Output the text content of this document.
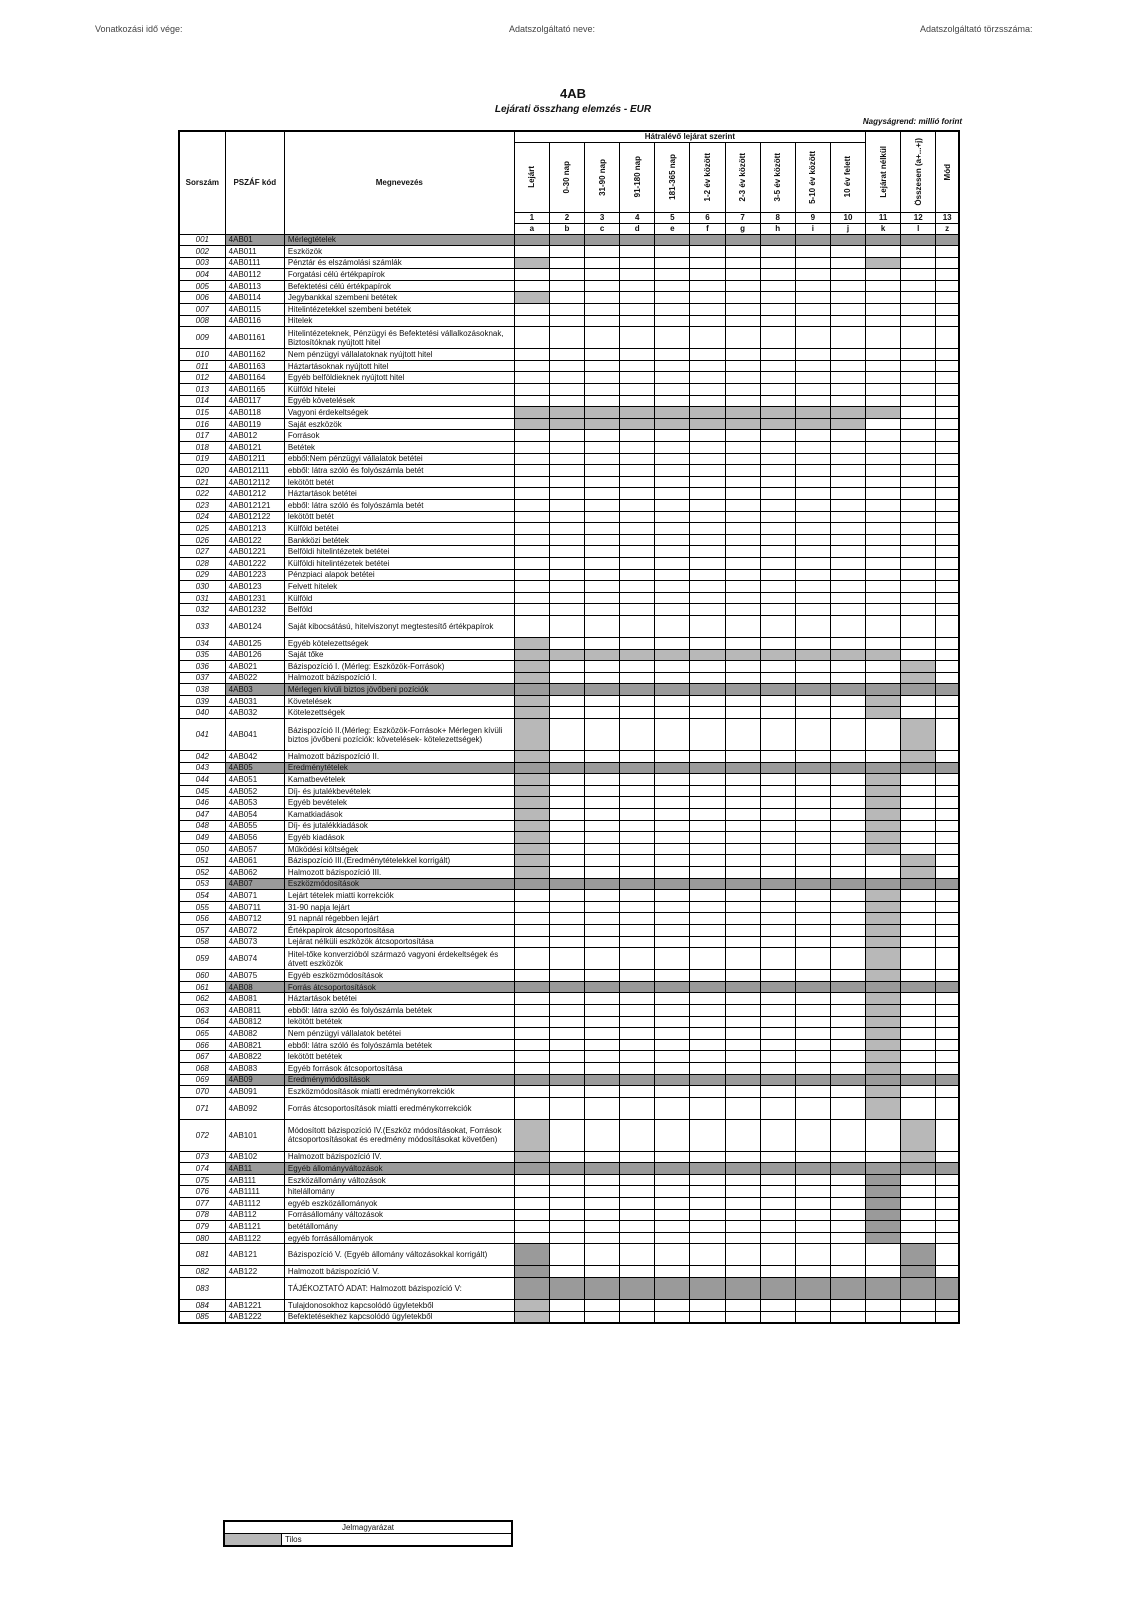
Vonatkozási idő vége:	Adatszolgáltató neve:	Adatszolgáltató törzsszáma:
4AB
Lejárati összhang elemzés - EUR
Nagyságrend: millió forint
Sorszám	PSZÁF kód	Megnevezés	Hátralévő lejárat szerint										Lejárat nélkül	Összesen (a+...+j)	Mód

			Lejárt	0-30 nap	31-90 nap	91-180 nap	181-365 nap	1-2 év között	2-3 év között	3-5 év között	5-10 év között	10 év felett			

			1	2	3	4	5	6	7	8	9	10	11	12	13
			a	b	c	d	e	f	g	h	i	j	k	l	z
001	4AB01	Mérlegtételek													
002	4AB011	Eszközök													
003	4AB0111	Pénztár és elszámolási számlák													
004	4AB0112	Forgatási célú értékpapírok													
005	4AB0113	Befektetési célú értékpapírok													
006	4AB0114	Jegybankkal szembeni betétek													
007	4AB0115	Hitelintézetekkel szembeni betétek													
008	4AB0116	Hitelek													
009	4AB01161	Hitelintézeteknek, Pénzügyi és Befektetési vállalkozásoknak, Biztosítóknak nyújtott hitel													
010	4AB01162	Nem pénzügyi vállalatoknak nyújtott hitel													
011	4AB01163	Háztartásoknak nyújtott hitel													
012	4AB01164	Egyéb belföldieknek nyújtott hitel													
013	4AB01165	Külföld hitelei													
014	4AB0117	Egyéb követelések													
015	4AB0118	Vagyoni érdekeltségek													
016	4AB0119	Saját eszközök													
017	4AB012	Források													
018	4AB0121	Betétek													
019	4AB01211	ebből:Nem pénzügyi vállalatok betétei													
020	4AB012111	ebből: látra szóló és folyószámla betét													
021	4AB012112	lekötött betét													
022	4AB01212	Háztartások betétei													
023	4AB012121	ebből: látra szóló és folyószámla betét													
024	4AB012122	lekötött betét													
025	4AB01213	Külföld betétei													
026	4AB0122	Bankközi betétek													
027	4AB01221	Belföldi hitelintézetek betétei													
028	4AB01222	Külföldi hitelintézetek betétei													
029	4AB01223	Pénzpiaci alapok betétei													
030	4AB0123	Felvett hitelek													
031	4AB01231	Külföld													
032	4AB01232	Belföld													
033	4AB0124	Saját kibocsátású, hitelviszonyt megtestesítő értékpapírok													
034	4AB0125	Egyéb kötelezettségek													
035	4AB0126	Saját tőke													
036	4AB021	Bázispozíció I. (Mérleg: Eszközök-Források)													
037	4AB022	Halmozott bázispozíció I.													
038	4AB03	Mérlegen kívüli biztos jövőbeni pozíciók													
039	4AB031	Követelések													
040	4AB032	Kötelezettségek													
041	4AB041	Bázispozíció II.(Mérleg: Eszközök-Források+ Mérlegen kívüli biztos jövőbeni pozíciók: követelések- kötelezettségek)													
042	4AB042	Halmozott bázispozíció II.													
043	4AB05	Eredménytételek													
044	4AB051	Kamatbevételek													
045	4AB052	Díj- és jutalékbevételek													
046	4AB053	Egyéb bevételek													
047	4AB054	Kamatkiadások													
048	4AB055	Díj- és jutalékkiadások													
049	4AB056	Egyéb kiadások													
050	4AB057	Működési költségek													
051	4AB061	Bázispozíció III.(Eredménytételekkel korrigált)													
052	4AB062	Halmozott bázispozíció III.													
053	4AB07	Eszközmódosítások													
054	4AB071	Lejárt tételek miatti korrekciók													
055	4AB0711	31-90 napja lejárt													
056	4AB0712	91 napnál régebben lejárt													
057	4AB072	Értékpapírok átcsoportosítása													
058	4AB073	Lejárat nélküli eszközök átcsoportosítása													
059	4AB074	Hitel-tőke konverzióból származó vagyoni érdekeltségek és átvett eszközök													
060	4AB075	Egyéb eszközmódosítások													
061	4AB08	Forrás átcsoportosítások													
062	4AB081	Háztartások betétei													
063	4AB0811	ebből: látra szóló és folyószámla betétek													
064	4AB0812	lekötött betétek													
065	4AB082	Nem pénzügyi vállalatok betétei													
066	4AB0821	ebből: látra szóló és folyószámla betétek													
067	4AB0822	lekötött betétek													
068	4AB083	Egyéb források átcsoportosítása													
069	4AB09	Eredménymódosítások													
070	4AB091	Eszközmódosítások miatti eredménykorrekciók													
071	4AB092	Forrás átcsoportosítások miatti eredménykorrekciók													
072	4AB101	Módosított bázispozíció IV.(Eszköz módosításokat, Források átcsoportosításokat és eredmény módosításokat követően)													
073	4AB102	Halmozott bázispozíció IV.													
074	4AB11	Egyéb állományváltozások													
075	4AB111	Eszközállomány változások													
076	4AB1111	hitelállomány													
077	4AB1112	egyéb eszközállományok													
078	4AB112	Forrásállomány változások													
079	4AB1121	betétállomány													
080	4AB1122	egyéb forrásállományok													
081	4AB121	Bázispozíció V. (Egyéb állomány változásokkal korrigált)													
082	4AB122	Halmozott bázispozíció V.													
083		TÁJÉKOZTATÓ ADAT: Halmozott bázispozíció V:													
084	4AB1221	Tulajdonosokhoz kapcsolódó ügyletekből													
085	4AB1222	Befektetésekhez kapcsolódó ügyletekből													
Jelmagyarázat
	Tilos
